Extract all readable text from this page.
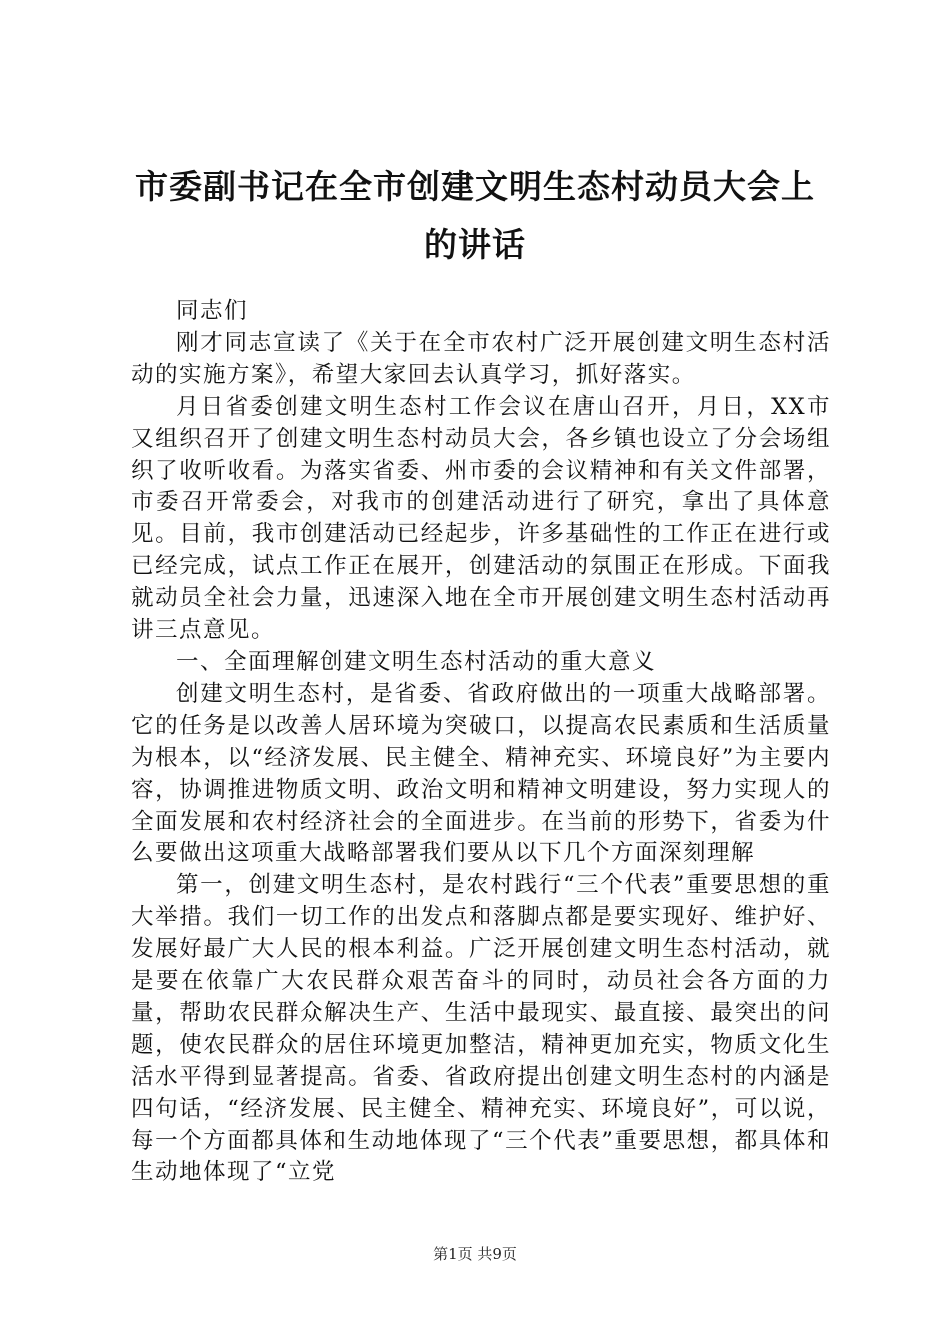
市委副书记在全市创建文明生态村动员大会上
的讲话

同志们

刚才同志宣读了《关于在全市农村广泛开展创建文明生态村活动的实施方案》，希望大家回去认真学习，抓好落实。

月日省委创建文明生态村工作会议在唐山召开，月日，XX市又组织召开了创建文明生态村动员大会，各乡镇也设立了分会场组织了收听收看。为落实省委、州市委的会议精神和有关文件部署，市委召开常委会，对我市的创建活动进行了研究，拿出了具体意见。目前，我市创建活动已经起步，许多基础性的工作正在进行或已经完成，试点工作正在展开，创建活动的氛围正在形成。下面我就动员全社会力量，迅速深入地在全市开展创建文明生态村活动再讲三点意见。

一、全面理解创建文明生态村活动的重大意义

创建文明生态村，是省委、省政府做出的一项重大战略部署。它的任务是以改善人居环境为突破口，以提高农民素质和生活质量为根本，以“经济发展、民主健全、精神充实、环境良好”为主要内容，协调推进物质文明、政治文明和精神文明建设，努力实现人的全面发展和农村经济社会的全面进步。在当前的形势下，省委为什么要做出这项重大战略部署我们要从以下几个方面深刻理解

第一，创建文明生态村，是农村践行“三个代表”重要思想的重大举措。我们一切工作的出发点和落脚点都是要实现好、维护好、发展好最广大人民的根本利益。广泛开展创建文明生态村活动，就是要在依靠广大农民群众艰苦奋斗的同时，动员社会各方面的力量，帮助农民群众解决生产、生活中最现实、最直接、最突出的问题，使农民群众的居住环境更加整洁，精神更加充实，物质文化生活水平得到显著提高。省委、省政府提出创建文明生态村的内涵是四句话，“经济发展、民主健全、精神充实、环境良好”，可以说，每一个方面都具体和生动地体现了“三个代表”重要思想，都具体和生动地体现了“立党

第1页 共9页
